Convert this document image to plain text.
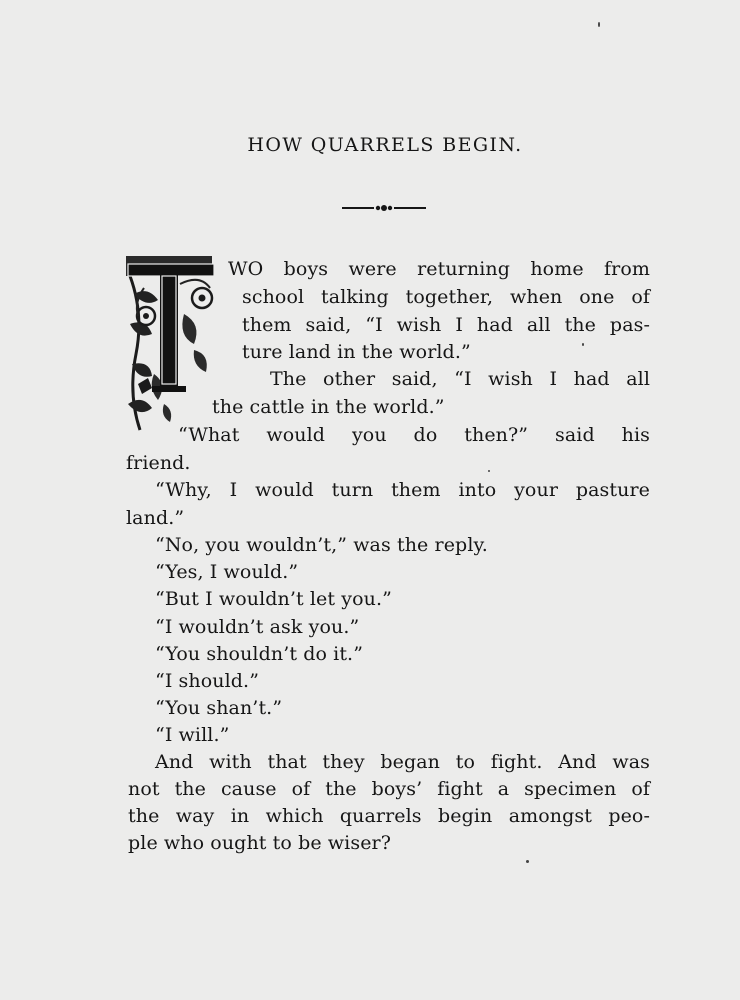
HOW QUARRELS BEGIN.
WO boys were returning home from
school talking together, when one of
them said, “I wish I had all the pas-
ture land in the world.”
The other said, “I wish I had all
the cattle in the world.”
“What would you do then?” said his
friend.
“Why, I would turn them into your pasture
land.”
“No, you wouldn’t,” was the reply.
“Yes, I would.”
“But I wouldn’t let you.”
“I wouldn’t ask you.”
“You shouldn’t do it.”
“I should.”
“You shan’t.”
“I will.”
And with that they began to fight. And was
not the cause of the boys’ fight a specimen of
the way in which quarrels begin amongst peo-
ple who ought to be wiser?
